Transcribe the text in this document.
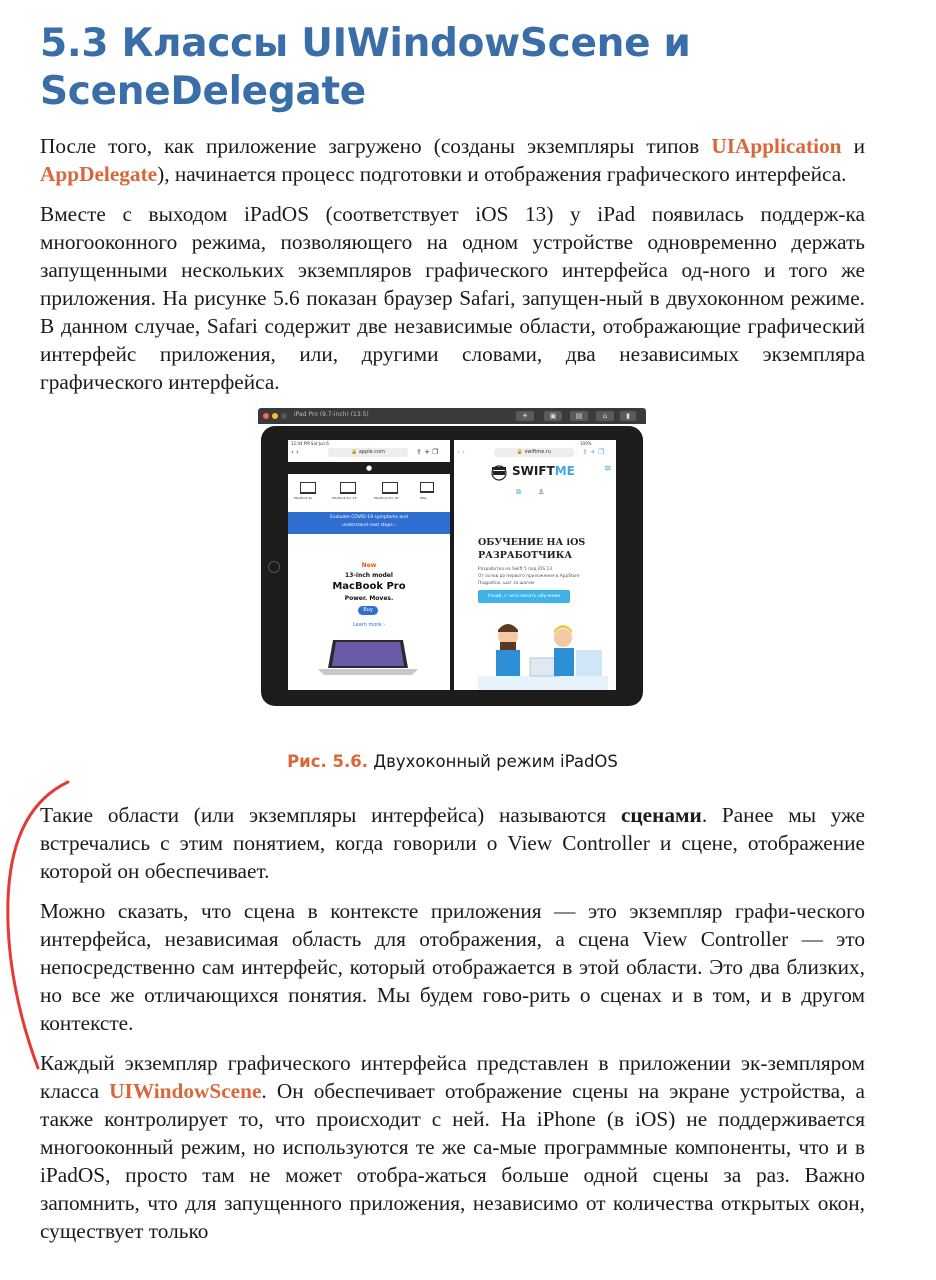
5.3 Классы UIWindowScene и SceneDelegate

После того, как приложение загружено (созданы экземпляры типов UIApplication и AppDelegate), начинается процесс подготовки и отображения графического интерфейса.

Вместе с выходом iPadOS (соответствует iOS 13) у iPad появилась поддерж-ка многооконного режима, позволяющего на одном устройстве одновременно держать запущенными нескольких экземпляров графического интерфейса од-ного и того же приложения. На рисунке 5.6 показан браузер Safari, запущен-ный в двухоконном режиме. В данном случае, Safari содержит две независимые области, отображающие графический интерфейс приложения, или, другими словами, два независимых экземпляра графического интерфейса.

iPad Pro (9.7-inch) (13.5)	☀	▣	▤	⌂	▮
12:04 PM Sat Jun 6
‹ ›	🔒 apple.com	⇪ + ❐
●
MacBook Air	MacBook Pro 13"	MacBook Pro 16"	iMac
Evaluate COVID-19 symptoms and
understand next steps ›
New
13-inch model
MacBook Pro
Power. Moves.
Buy
Learn more ›
100%
‹ ›	🔒 swiftme.ru	⇪ + ❐
SWIFTME	≡
⧉ ♙
ОБУЧЕНИЕ НА iOS РАЗРАБОТЧИКА
Разработка на Swift 5 под iOS 13
От основ до первого приложения в AppStore
Подробно, шаг за шагом
Узнай, с чего начать обучение
Рис. 5.6. Двухоконный режим iPadOS

Такие области (или экземпляры интерфейса) называются сценами. Ранее мы уже встречались с этим понятием, когда говорили о View Controller и сцене, отображение которой он обеспечивает.

Можно сказать, что сцена в контексте приложения — это экземпляр графи-ческого интерфейса, независимая область для отображения, а сцена View Controller — это непосредственно сам интерфейс, который отображается в этой области. Это два близких, но все же отличающихся понятия. Мы будем гово-рить о сценах и в том, и в другом контексте.

Каждый экземпляр графического интерфейса представлен в приложении эк-земпляром класса UIWindowScene. Он обеспечивает отображение сцены на экране устройства, а также контролирует то, что происходит с ней. На iPhone (в iOS) не поддерживается многооконный режим, но используются те же са-мые программные компоненты, что и в iPadOS, просто там не может отобра-жаться больше одной сцены за раз. Важно запомнить, что для запущенного приложения, независимо от количества открытых окон, существует только
